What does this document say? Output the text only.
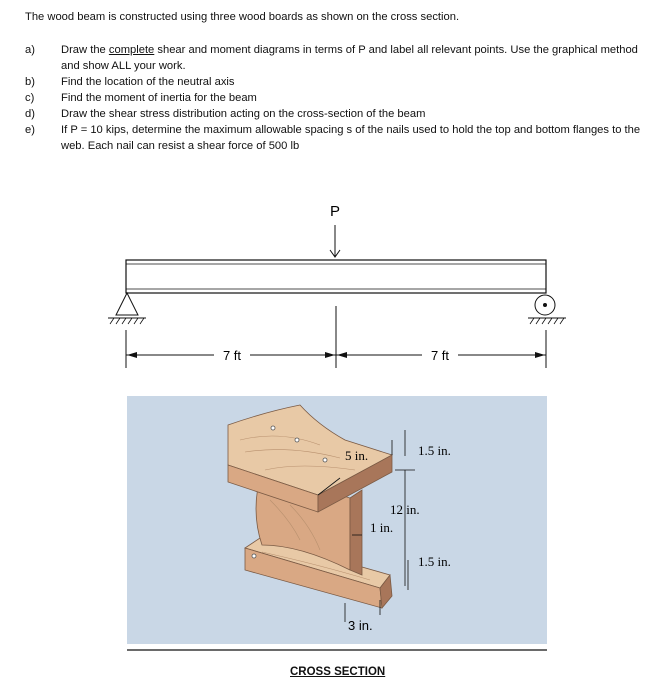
The wood beam is constructed using three wood boards as shown on the cross section.
a)	Draw the complete shear and moment diagrams in terms of P and label all relevant points. Use the graphical method and show ALL your work.
b)	Find the location of the neutral axis
c)	Find the moment of inertia for the beam
d)	Draw the shear stress distribution acting on the cross-section of the beam
e)	If P = 10 kips, determine the maximum allowable spacing s of the nails used to hold the top and bottom flanges to the web. Each nail can resist a shear force of 500 lb
P
7 ft	7 ft
5 in.	1.5 in.
12 in.
1 in.
1.5 in.
3 in.
CROSS SECTION
